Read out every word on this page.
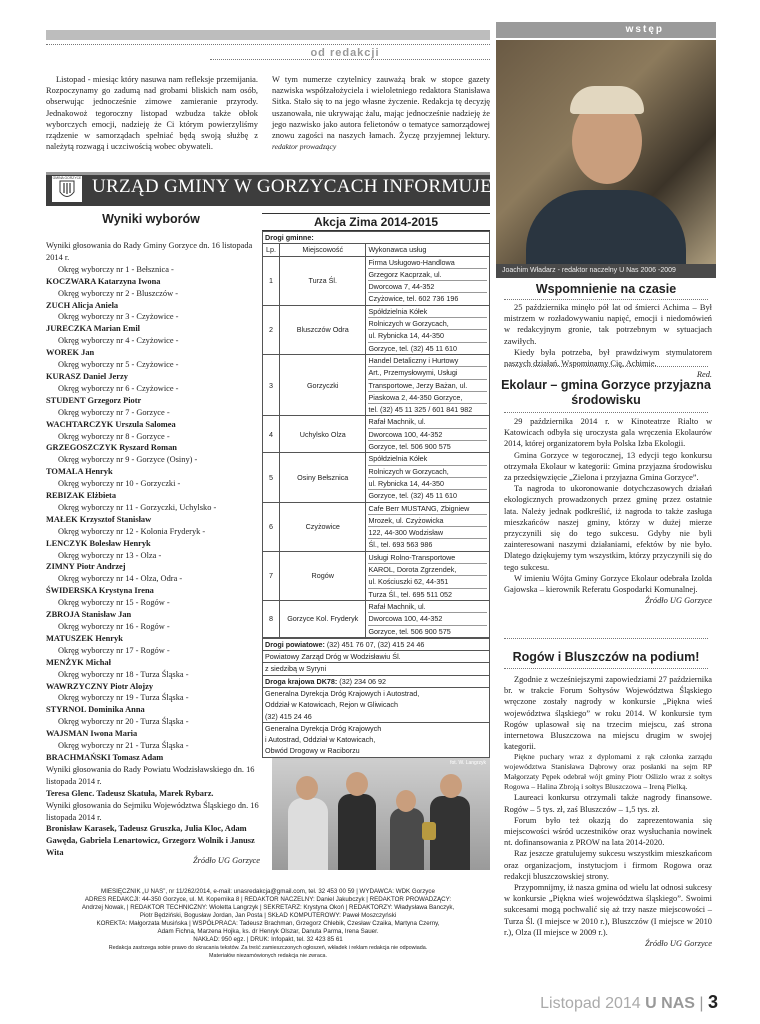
wstęp
od redakcji
Listopad - miesiąc który nasuwa nam refleksje przemijania. Rozpoczynamy go zadumą nad grobami bliskich nam osób, obserwując jednocześnie zimowe zamieranie przyrody. Jednakowoż tegoroczny listopad wzbudza także obłok wyborczych emocji, nadzieję że Ci którym powierzyliśmy rządzenie w samorządach spełniać będą swoją służbę z należytą rozwagą i uczciwością wobec obywateli.
W tym numerze czytelnicy zauważą brak w stopce gazety nazwiska współzałożyciela i wieloletniego redaktora Stanisława Sitka. Stało się to na jego własne życzenie. Redakcja tę decyzję uszanowała, nie ukrywając żalu, mając jednocześnie nadzieję że jego nazwisko jako autora felietonów o tematyce samorządowej znowu zagości na naszych łamach. Życzę przyjemnej lektury. redaktor prowadzący
GMINA GORZYCE URZĄD GMINY W GORZYCACH INFORMUJE
Wyniki wyborów
Wyniki głosowania do Rady Gminy Gorzyce dn. 16 listopada 2014 r.
Okręg wyborczy nr 1 - Bełsznica -
KOCZWARA Katarzyna Iwona
Okręg wyborczy nr 2 - Bluszczów -
ZUCH Alicja Aniela
Okręg wyborczy nr 3 - Czyżowice -
JURECZKA Marian Emil
Okręg wyborczy nr 4 - Czyżowice -
WOREK Jan
Okręg wyborczy nr 5 - Czyżowice -
KURASZ Daniel Jerzy
Okręg wyborczy nr 6 - Czyżowice -
STUDENT Grzegorz Piotr
Okręg wyborczy nr 7 - Gorzyce -
WACHTARCZYK Urszula Salomea
Okręg wyborczy nr 8 - Gorzyce -
GRZEGOSZCZYK Ryszard Roman
Okręg wyborczy nr 9 - Gorzyce (Osiny) -
TOMALA Henryk
Okręg wyborczy nr 10 - Gorzyczki -
REBIZAK Elżbieta
Okręg wyborczy nr 11 - Gorzyczki, Uchylsko -
MAŁEK Krzysztof Stanisław
Okręg wyborczy nr 12 - Kolonia Fryderyk -
LENCZYK Bolesław Henryk
Okręg wyborczy nr 13 - Olza -
ZIMNY Piotr Andrzej
Okręg wyborczy nr 14 - Olza, Odra -
ŚWIDERSKA Krystyna Irena
Okręg wyborczy nr 15 - Rogów -
ZBROJA Stanisław Jan
Okręg wyborczy nr 16 - Rogów -
MATUSZEK Henryk
Okręg wyborczy nr 17 - Rogów -
MENŻYK Michał
Okręg wyborczy nr 18 - Turza Śląska -
WAWRZYCZNY Piotr Alojzy
Okręg wyborczy nr 19 - Turza Śląska -
STYRNOL Dominika Anna
Okręg wyborczy nr 20 - Turza Śląska -
WAJSMAN Iwona Maria
Okręg wyborczy nr 21 - Turza Śląska -
BRACHMAŃSKI Tomasz Adam
Wyniki głosowania do Rady Powiatu Wodzisławskiego dn. 16 listopada 2014 r.
Teresa Glenc. Tadeusz Skatuła, Marek Rybarz.
Wyniki głosowania do Sejmiku Województwa Śląskiego dn. 16 listopada 2014 r.
Bronisław Karasek, Tadeusz Gruszka, Julia Kloc, Adam Gawęda, Gabriela Lenartowicz, Grzegorz Wolnik i Janusz Wita
Źródło UG Gorzyce
Akcja Zima 2014-2015
Drogi gminne:		
Lp.	Miejscowość	Wykonawca usług
1	Turza Śl.	Firma Usługowo-Handlowa
Grzegorz Kacprzak, ul.
Dworcowa 7, 44-352
Czyżowice, tel. 602 736 196

2	Bluszczów Odra	Spółdzielnia Kółek
Rolniczych w Gorzycach,
ul. Rybnicka 14, 44-350
Gorzyce, tel. (32) 45 11 610

3	Gorzyczki	Handel Detaliczny i Hurtowy
Art., Przemysłowymi, Usługi
Transportowe, Jerzy Bażan, ul.
Piaskowa 2, 44-350 Gorzyce,
tel. (32) 45 11 325 / 601 841 982

4	Uchylsko Olza	Rafał Machnik, ul.
Dworcowa 100, 44-352
Gorzyce, tel. 506 900 575

5	Osiny Bełsznica	Spółdzielnia Kółek
Rolniczych w Gorzycach,
ul. Rybnicka 14, 44-350
Gorzyce, tel. (32) 45 11 610

6	Czyżowice	Cafe Berr MUSTANG, Zbigniew
Mrozek, ul. Czyżowicka
122, 44-300 Wodzisław
Śl., tel. 693 563 986

7	Rogów	Usługi Rolno-Transportowe
KAROL, Dorota Zgrzendek,
ul. Kościuszki 62, 44-351
Turza Śl., tel. 695 511 052

8	Gorzyce Kol. Fryderyk	Rafał Machnik, ul.
Dworcowa 100, 44-352
Gorzyce, tel. 506 900 575
Drogi powiatowe: (32) 451 76 07, (32) 415 24 46
Powiatowy Zarząd Dróg w Wodzisławiu Śl.
z siedzibą w Syryni
Droga krajowa DK78: (32) 234 06 92

Generalna Dyrekcja Dróg Krajowych i Autostrad,
Oddział w Katowicach, Rejon w Gliwicach
(32) 415 24 46

Generalna Dyrekcja Dróg Krajowych
i Autostrad, Oddział w Katowicach,
Obwód Drogowy w Raciborzu
fot. W. Langrzyk
MIESIĘCZNIK „U NAS”, nr 11/262/2014, e-mail: unasredakcja@gmail.com, tel. 32 453 00 59 | WYDAWCA: WDK Gorzyce
ADRES REDAKCJI: 44-350 Gorzyce, ul. M. Kopernika 8 | REDAKTOR NACZELNY: Daniel Jakubczyk | REDAKTOR PROWADZĄCY:
Andrzej Nowak, | REDAKTOR TECHNICZNY: Wioletta Langrzyk | SEKRETARZ: Krystyna Okoń | REDAKTORZY: Władysława Banczyk,
Piotr Będziński, Bogusław Jordan, Jan Posta | SKŁAD KOMPUTEROWY: Paweł Moszczyński
KOREKTA: Małgorzata Musińska | WSPÓŁPRACA: Tadeusz Brachman, Grzegorz Chlebik, Czesław Czaika, Martyna Czerny,
Adam Fichna, Marzena Hojka, ks. dr Henryk Olszar, Danuta Parma, Irena Sauer.
NAKŁAD: 950 egz. | DRUK: Infopakt, tel. 32 423 85 61
Redakcja zastrzega sobie prawo do skracania tekstów. Za treść zamieszczonych ogłoszeń, wkładek i reklam redakcja nie odpowiada.
Materiałów niezamówionych redakcja nie zwraca.
Joachim Władarz - redaktor naczelny U Nas 2006 -2009
Wspomnienie na czasie
25 października minęło pół lat od śmierci Achima – Był mistrzem w rozładowywaniu napięć, emocji i niedomówień w redakcyjnym gronie, tak potrzebnym w sytuacjach zawiłych.
Kiedy była potrzeba, był prawdziwym stymulatorem naszych działań. Wspominamy Cię, Achimie.
Red.
Ekolaur – gmina Gorzyce przyjazna środowisku
29 października 2014 r. w Kinoteatrze Rialto w Katowicach odbyła się uroczysta gala wręczenia Ekolaurów 2014, której organizatorem była Polska Izba Ekologii.
Gmina Gorzyce w tegorocznej, 13 edycji tego konkursu otrzymała Ekolaur w kategorii: Gmina przyjazna środowisku za przedsięwzięcie „Zielona i przyjazna Gmina Gorzyce”.
Ta nagroda to ukoronowanie dotychczasowych działań ekologicznych prowadzonych przez gminę przez ostatnie lata. Należy jednak podkreślić, iż nagroda to także zasługa mieszkańców naszej gminy, którzy w dużej mierze przyczynili się do tego sukcesu. Gdyby nie byli zainteresowani naszymi działaniami, efektów by nie było. Dlatego dziękujemy tym wszystkim, którzy przyczynili się do tego sukcesu.
W imieniu Wójta Gminy Gorzyce Ekolaur odebrała Izolda Gajowska – kierownik Referatu Gospodarki Komunalnej.
Źródło UG Gorzyce
Rogów i Bluszczów na podium!
Zgodnie z wcześniejszymi zapowiedziami 27 października br. w trakcie Forum Sołtysów Województwa Śląskiego wręczone zostały nagrody w konkursie „Piękna wieś województwa śląskiego” w roku 2014. W konkursie tym Rogów uplasował się na trzecim miejscu, zaś strona internetowa Bluszczowa na miejscu drugim w swojej kategorii.
Piękne puchary wraz z dyplomami z rąk członka zarządu województwa Stanisława Dąbrowy oraz posłanki na sejm RP Małgorzaty Pępek odebrał wójt gminy Piotr Oślizło wraz z sołtys Rogowa – Halina Zbroją i sołtys Bluszczowa – Ireną Pielką.
Laureaci konkursu otrzymali także nagrody finansowe. Rogów – 5 tys. zł, zaś Bluszczów – 1,5 tys. zł.
Forum było też okazją do zaprezentowania się miejscowości wśród uczestników oraz wysłuchania nowinek nt. dofinansowania z PROW na lata 2014-2020.
Raz jeszcze gratulujemy sukcesu wszystkim mieszkańcom oraz organizacjom, instytucjom i firmom Rogowa oraz redakcji bluszczowskiej strony.
Przypomnijmy, iż nasza gmina od wielu lat odnosi sukcesy w konkursie „Piękna wieś województwa śląskiego”. Swoimi sukcesami mogą pochwalić się aż trzy nasze miejscowości – Turza Śl. (I miejsce w 2010 r.), Bluszczów (I miejsce w 2010 r.), Olza (II miejsce w 2009 r.).
Źródło UG Gorzyce
Listopad 2014 U NAS | 3
